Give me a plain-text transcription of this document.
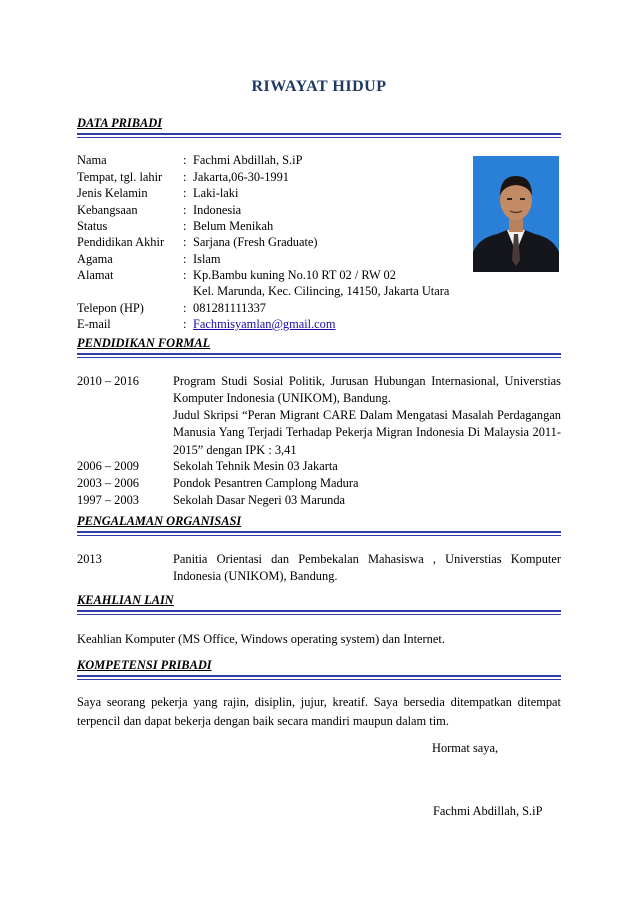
RIWAYAT HIDUP
DATA PRIBADI
Nama	: Fachmi Abdillah, S.iP
Tempat, tgl. lahir : Jakarta,06-30-1991
Jenis Kelamin	: Laki-laki
Kebangsaan	: Indonesia
Status	: Belum Menikah
Pendidikan Akhir : Sarjana (Fresh Graduate)
Agama	: Islam
Alamat	: Kp.Bambu kuning No.10 RT 02 / RW 02
Kel. Marunda, Kec. Cilincing, 14150, Jakarta Utara
Telepon (HP)	: 081281111337
E-mail	: Fachmisyamlan@gmail.com
PENDIDIKAN FORMAL
2010 – 2016	Program Studi Sosial Politik, Jurusan Hubungan Internasional, Universtias Komputer Indonesia (UNIKOM), Bandung.
Judul Skripsi “Peran Migrant CARE Dalam Mengatasi Masalah Perdagangan Manusia Yang Terjadi Terhadap Pekerja Migran Indonesia Di Malaysia 2011-2015” dengan IPK : 3,41
2006 – 2009	Sekolah Tehnik Mesin 03 Jakarta
2003 – 2006	Pondok Pesantren Camplong Madura
1997 – 2003	Sekolah Dasar Negeri 03 Marunda
PENGALAMAN ORGANISASI
2013	Panitia Orientasi dan Pembekalan Mahasiswa , Universtias Komputer Indonesia (UNIKOM), Bandung.
KEAHLIAN LAIN
Keahlian Komputer (MS Office, Windows operating system) dan Internet.
KOMPETENSI PRIBADI
Saya seorang pekerja yang rajin, disiplin, jujur, kreatif. Saya bersedia ditempatkan ditempat terpencil dan dapat bekerja dengan baik secara mandiri maupun dalam tim.
Hormat saya,
Fachmi Abdillah, S.iP
